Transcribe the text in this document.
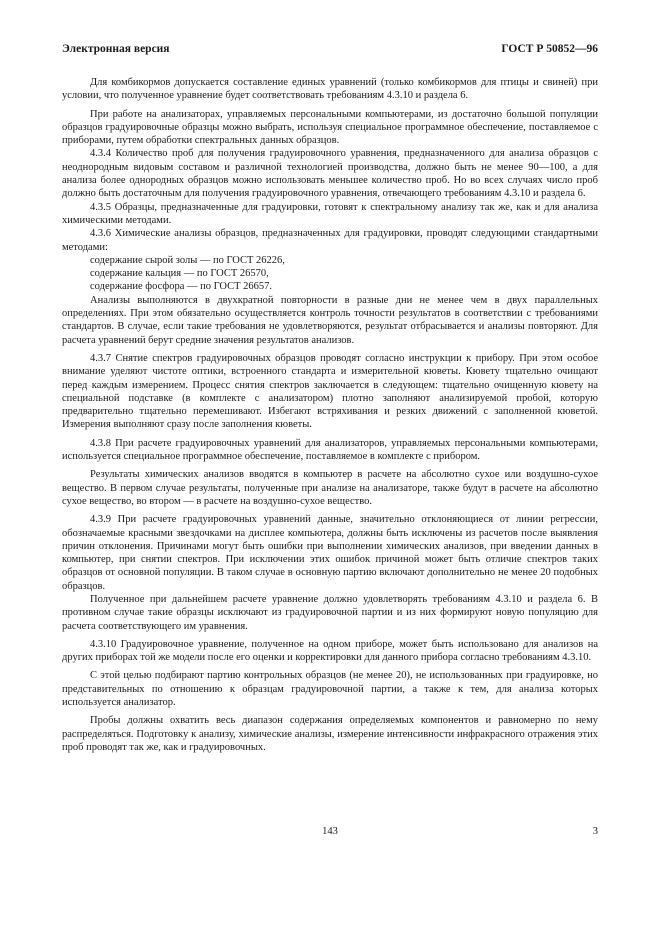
Электронная версия	ГОСТ Р 50852—96

Для комбикормов допускается составление единых уравнений (только комбикормов для птицы и свиней) при условии, что полученное уравнение будет соответствовать требованиям 4.3.10 и раздела 6.

При работе на анализаторах, управляемых персональными компьютерами, из достаточно большой популяции образцов градуировочные образцы можно выбрать, используя специальное программное обеспечение, поставляемое с приборами, путем обработки спектральных данных образцов.

4.3.4 Количество проб для получения градуировочного уравнения, предназначенного для анализа образцов с неоднородным видовым составом и различной технологией производства, должно быть не менее 90—100, а для анализа более однородных образцов можно использовать меньшее количество проб. Но во всех случаях число проб должно быть достаточным для получения градуировочного уравнения, отвечающего требованиям 4.3.10 и раздела 6.

4.3.5 Образцы, предназначенные для градуировки, готовят к спектральному анализу так же, как и для анализа химическими методами.

4.3.6 Химические анализы образцов, предназначенных для градуировки, проводят следующими стандартными методами:

содержание сырой золы — по ГОСТ 26226,

содержание кальция — по ГОСТ 26570,

содержание фосфора — по ГОСТ 26657.

Анализы выполняются в двухкратной повторности в разные дни не менее чем в двух параллельных определениях. При этом обязательно осуществляется контроль точности результатов в соответствии с требованиями стандартов. В случае, если такие требования не удовлетворяются, результат отбрасывается и анализы повторяют. Для расчета уравнений берут средние значения результатов анализов.

4.3.7 Снятие спектров градуировочных образцов проводят согласно инструкции к прибору. При этом особое внимание уделяют чистоте оптики, встроенного стандарта и измерительной кюветы. Кювету тщательно очищают перед каждым измерением. Процесс снятия спектров заключается в следующем: тщательно очищенную кювету на специальной подставке (в комплекте с анализатором) плотно заполняют анализируемой пробой, которую предварительно тщательно перемешивают. Избегают встряхивания и резких движений с заполненной кюветой. Измерения выполняют сразу после заполнения кюветы.

4.3.8 При расчете градуировочных уравнений для анализаторов, управляемых персональными компьютерами, используется специальное программное обеспечение, поставляемое в комплекте с прибором.

Результаты химических анализов вводятся в компьютер в расчете на абсолютно сухое или воздушно-сухое вещество. В первом случае результаты, полученные при анализе на анализаторе, также будут в расчете на абсолютно сухое вещество, во втором — в расчете на воздушно-сухое вещество.

4.3.9 При расчете градуировочных уравнений данные, значительно отклоняющиеся от линии регрессии, обозначаемые красными звездочками на дисплее компьютера, должны быть исключены из расчетов после выявления причин отклонения. Причинами могут быть ошибки при выполнении химических анализов, при введении данных в компьютер, при снятии спектров. При исключении этих ошибок причиной может быть отличие спектров таких образцов от основной популяции. В таком случае в основную партию включают дополнительно не менее 20 подобных образцов.

Полученное при дальнейшем расчете уравнение должно удовлетворять требованиям 4.3.10 и раздела 6. В противном случае такие образцы исключают из градуировочной партии и из них формируют новую популяцию для расчета соответствующего им уравнения.

4.3.10 Градуировочное уравнение, полученное на одном приборе, может быть использовано для анализов на других приборах той же модели после его оценки и корректировки для данного прибора согласно требованиям 4.3.10.

С этой целью подбирают партию контрольных образцов (не менее 20), не использованных при градуировке, но представительных по отношению к образцам градуировочной партии, а также к тем, для анализа которых используется анализатор.

Пробы должны охватить весь диапазон содержания определяемых компонентов и равномерно по нему распределяться. Подготовку к анализу, химические анализы, измерение интенсивности инфракрасного отражения этих проб проводят так же, как и градуировочных.

143	3
